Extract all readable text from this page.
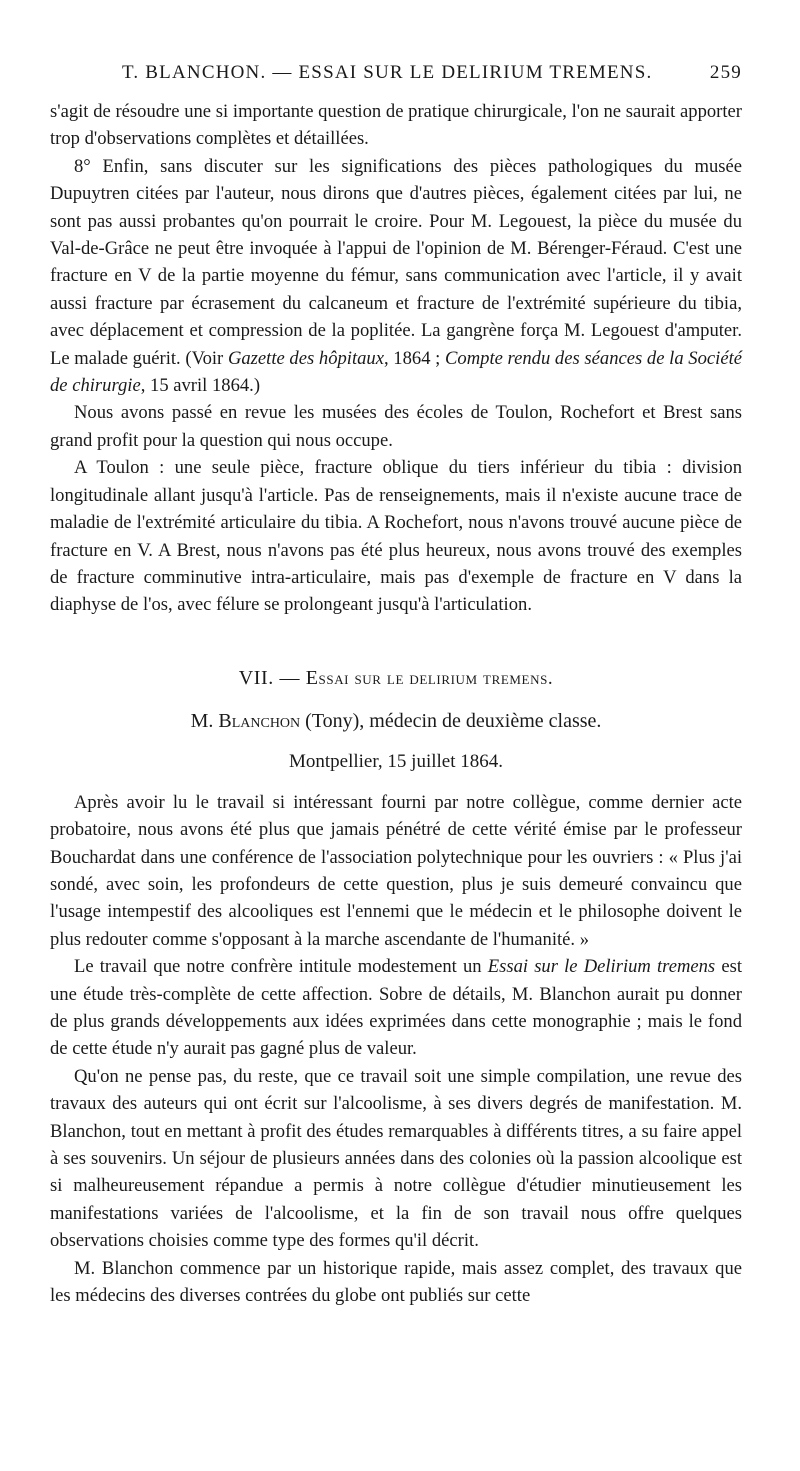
T. BLANCHON. — ESSAI SUR LE DELIRIUM TREMENS.	259

s'agit de résoudre une si importante question de pratique chirurgicale, l'on ne saurait apporter trop d'observations complètes et détaillées.

8° Enfin, sans discuter sur les significations des pièces pathologiques du musée Dupuytren citées par l'auteur, nous dirons que d'autres pièces, également citées par lui, ne sont pas aussi probantes qu'on pourrait le croire. Pour M. Legouest, la pièce du musée du Val-de-Grâce ne peut être invoquée à l'appui de l'opinion de M. Bérenger-Féraud. C'est une fracture en V de la partie moyenne du fémur, sans communication avec l'article, il y avait aussi fracture par écrasement du calcaneum et fracture de l'extrémité supérieure du tibia, avec déplacement et compression de la poplitée. La gangrène força M. Legouest d'amputer. Le malade guérit. (Voir Gazette des hôpitaux, 1864 ; Compte rendu des séances de la Société de chirurgie, 15 avril 1864.)

Nous avons passé en revue les musées des écoles de Toulon, Rochefort et Brest sans grand profit pour la question qui nous occupe.

A Toulon : une seule pièce, fracture oblique du tiers inférieur du tibia : division longitudinale allant jusqu'à l'article. Pas de renseignements, mais il n'existe aucune trace de maladie de l'extrémité articulaire du tibia. A Rochefort, nous n'avons trouvé aucune pièce de fracture en V. A Brest, nous n'avons pas été plus heureux, nous avons trouvé des exemples de fracture comminutive intra-articulaire, mais pas d'exemple de fracture en V dans la diaphyse de l'os, avec félure se prolongeant jusqu'à l'articulation.

VII. — Essai sur le delirium tremens.
M. Blanchon (Tony), médecin de deuxième classe.
Montpellier, 15 juillet 1864.

Après avoir lu le travail si intéressant fourni par notre collègue, comme dernier acte probatoire, nous avons été plus que jamais pénétré de cette vérité émise par le professeur Bouchardat dans une conférence de l'association polytechnique pour les ouvriers : « Plus j'ai sondé, avec soin, les profondeurs de cette question, plus je suis demeuré convaincu que l'usage intempestif des alcooliques est l'ennemi que le médecin et le philosophe doivent le plus redouter comme s'opposant à la marche ascendante de l'humanité. »

Le travail que notre confrère intitule modestement un Essai sur le Delirium tremens est une étude très-complète de cette affection. Sobre de détails, M. Blanchon aurait pu donner de plus grands développements aux idées exprimées dans cette monographie ; mais le fond de cette étude n'y aurait pas gagné plus de valeur.

Qu'on ne pense pas, du reste, que ce travail soit une simple compilation, une revue des travaux des auteurs qui ont écrit sur l'alcoolisme, à ses divers degrés de manifestation. M. Blanchon, tout en mettant à profit des études remarquables à différents titres, a su faire appel à ses souvenirs. Un séjour de plusieurs années dans des colonies où la passion alcoolique est si malheureusement répandue a permis à notre collègue d'étudier minutieusement les manifestations variées de l'alcoolisme, et la fin de son travail nous offre quelques observations choisies comme type des formes qu'il décrit.

M. Blanchon commence par un historique rapide, mais assez complet, des travaux que les médecins des diverses contrées du globe ont publiés sur cette
